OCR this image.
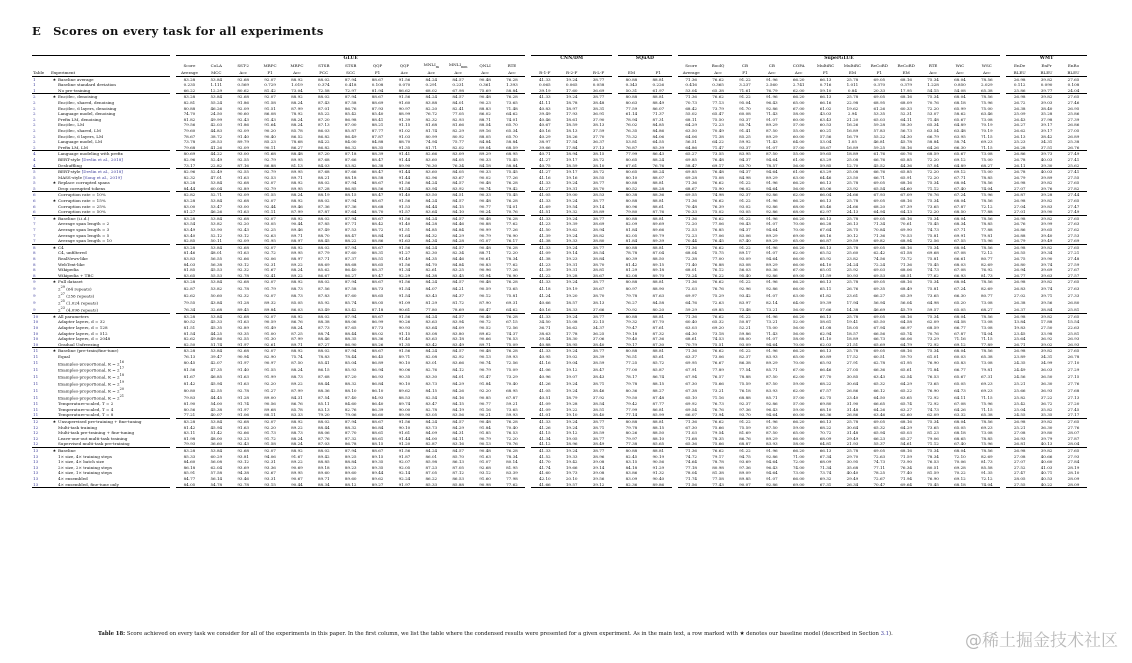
E Scores on every task for all experiments
			GLUE														CNN/DM				SQuAD			SuperGLUE													WMT		
			Score	CoLA	SST-2	MRPC	MRPC	STSB	STSB	QQP	QQP	$MNLI_m$	$MNLI_{mm}$	QNLI	RTE									Score	BoolQ	CB	CB	COPA	MultiRC	MultiRC	ReCoRD	ReCoRD	RTE	WiC	WSC		EnDe	EnFr	EnRo
Table	Experiment		Average	MCC	Acc	F1	Acc	PCC	SCC	F1	Acc	Acc	Acc	Acc	Acc		R-1-F	R-2-F	R-L-F		EM	F1		Average	Acc	F1	Acc	Acc	F1	EM	F1	EM	Acc	Acc	Acc		BLEU	BLEU	BLEU
1	★ Baseline average		83.28	53.84	92.68	92.07	88.92	88.02	87.94	88.67	91.56	84.24	84.57	90.48	76.28		41.33	19.24	38.77		80.88	88.81		71.36	76.62	91.22	91.96	66.20	66.13	25.78	69.05	68.16	75.34	68.04	78.56		26.98	39.82	27.65
1	Baseline standard deviation		0.235	1.111	0.569	0.729	1.019	0.374	0.418	0.108	0.070	0.291	0.231	0.361	1.393		0.065	0.065	0.058		0.343	0.226		0.416	0.365	3.237	2.560	2.741	0.716	1.011	0.370	0.379	1.228	0.850	2.029		0.112	0.090	0.108
1	No pre-training		66.22	12.29	80.62	81.42	73.04	72.58	72.97	81.94	86.62	68.02	67.98	75.69	58.84		39.19	17.60	36.69		50.31	61.97		53.04	65.38	71.61	76.79	62.00	59.10	0.84	20.33	17.95	54.15	54.08	65.38		25.86	39.77	24.04
2	★ Enc/dec, denoising		83.28	53.84	92.68	92.07	88.92	88.02	87.94	88.67	91.56	84.24	84.57	90.48	76.28		41.33	19.24	38.77		80.88	88.81		71.36	76.62	91.22	91.96	66.20	66.13	25.78	69.05	68.16	75.34	68.04	78.56		26.98	39.82	27.65
2	Enc/dec, shared, denoising		82.81	55.24	91.86	91.58	88.24	87.43	87.58	88.69	91.60	83.88	84.01	90.23	73.65		41.11	18.78	38.48		80.63	88.49		70.73	77.13	95.04	96.43	65.00	66.16	22.98	68.95	68.09	70.76	68.18	75.96		26.72	39.03	27.46
2	Enc/dec, 6 layers, denoising		80.88	46.26	92.09	91.51	87.99	87.01	86.76	87.93	90.97	82.20	82.41	88.83	71.48		40.83	18.97	38.31		77.59	86.07		68.42	73.79	91.70	92.86	67.00	61.02	19.62	61.26	60.33	72.20	65.99	75.00		26.38	38.40	26.95
2	Language model, denoising		74.70	24.50	90.60	86.08	78.92	85.22	85.42	85.40	88.99	76.72	77.05	86.02	64.62		39.49	17.93	36.91		61.14	71.37		55.02	65.47	60.08	71.43	58.00	43.03	2.94	53.35	52.31	53.07	58.62	63.46		25.09	35.28	25.86
2	Prefix LM, denoising		81.82	49.99	92.43	91.43	88.24	87.20	86.98	88.41	91.39	82.32	82.93	88.71	74.01		40.46	18.61	37.90		78.94	87.31		68.11	75.50	93.37	91.07	60.00	63.43	21.20	65.03	64.11	71.48	65.67	73.08		26.43	37.98	27.39
2	Enc/dec, LM		79.56	42.03	91.86	91.64	88.24	87.13	87.00	88.21	91.15	81.68	81.66	88.54	65.70		40.67	18.59	38.13		76.02	84.85		64.29	72.23	85.74	89.29	57.00	60.53	16.26	59.28	58.30	65.34	64.89	70.19		26.27	39.17	26.86
2	Enc/dec, shared, LM		79.60	44.83	92.09	90.20	85.78	86.03	85.87	87.77	91.02	81.74	82.29	89.16	65.34		40.16	18.13	37.59		76.35	84.86		63.50	70.49	91.41	87.50	55.00	60.21	16.89	57.83	56.73	63.54	63.48	70.19		26.62	39.17	27.05
2	Enc/dec, 6 layers, LM		78.67	38.72	91.40	90.40	86.52	86.82	86.49	87.87	91.03	80.99	80.92	88.05	65.70		40.29	18.26	37.70		75.32	84.06		64.06	71.38	85.25	89.29	60.00	57.56	16.79	55.22	54.30	66.79	63.95	71.15		26.13	38.42	26.89
2	Language model, LM		73.78	28.53	89.79	85.23	78.68	84.22	84.00	84.88	88.70	74.94	75.77	84.84	58.84		38.97	17.54	36.37		53.81	64.55		56.51	64.22	59.92	71.43	64.00	53.04	1.05	46.81	45.78	58.84	58.74	69.23		25.23	34.31	25.38
2	Prefix LM, LM		79.68	41.26	92.09	90.11	86.27	86.82	86.32	88.35	91.35	81.71	82.02	89.04	68.59		39.66	17.84	37.13		76.87	85.39		64.86	71.47	93.37	91.07	57.00	58.67	16.89	59.25	58.16	64.26	66.30	71.15		26.28	37.51	26.76
4	Language modeling with prefix		80.69	44.22	93.00	91.68	88.48	87.20	87.18	88.39	91.41	82.66	83.09	89.29	68.95		40.71	18.94	38.15		77.99	86.43		65.27	73.55	83.95	87.50	55.00	59.65	18.89	61.76	60.76	68.59	65.67	73.08		26.86	39.73	27.49
4	BERT-style [Devlin et al., 2018]		82.96	52.49	92.55	92.79	89.95	87.68	87.66	88.47	91.44	83.60	84.05	90.33	75.45		41.27	19.17	38.72		80.65	88.24		69.85	76.48	94.37	94.64	61.00	63.29	25.08	66.76	65.85	72.20	69.12	75.00		26.78	40.03	27.41
4	Deshuffling		73.17	22.82	87.16	86.88	81.13	84.03	83.82	86.38	89.90	76.30	76.34	84.18	58.84		40.75	18.59	38.10		67.61	76.76		58.47	69.17	63.70	78.57	56.00	59.85	12.70	45.52	44.36	57.04	64.89	68.27		26.11	39.30	25.62
5	BERT-style [Devlin et al., 2018]		82.96	52.49	92.55	92.79	89.95	87.68	87.66	88.47	91.44	83.60	84.05	90.33	75.45		41.27	19.17	38.72		80.65	88.24		69.85	76.48	94.37	94.64	61.00	63.29	25.08	66.76	65.85	72.20	69.12	75.00		26.78	40.03	27.41
5	MASS-style [Song et al., 2019]		82.32	47.01	91.63	92.53	89.71	88.21	88.18	88.58	91.44	82.96	83.67	90.02	77.26		41.16	19.16	38.55		80.10	88.07		69.28	75.08	84.98	89.29	63.00	64.46	23.50	66.71	65.91	72.20	67.71	78.85		26.79	39.89	27.55
5	★ Replace corrupted spans		83.28	53.84	92.68	92.07	88.92	88.02	87.94	88.67	91.56	84.24	84.57	90.48	76.28		41.33	19.24	38.77		80.88	88.81		71.36	76.62	91.22	91.96	66.20	66.13	25.78	69.05	68.16	75.34	68.04	78.56		26.98	39.82	27.65
5	Drop corrupted tokens		84.44	60.04	92.89	92.79	89.95	87.28	86.85	88.56	91.54	83.94	83.92	90.74	79.42		41.27	19.31	38.70		80.52	88.28		68.67	75.90	96.02	94.64	56.00	65.06	23.92	65.54	64.60	71.12	67.40	74.04		27.07	39.76	27.82
6	Corruption rate = 10%		82.82	52.71	92.09	91.55	88.24	88.19	88.15	88.47	91.40	83.50	84.51	90.33	75.45		41.05	19.00	38.53		80.38	88.36		69.55	74.98	92.37	92.86	62.00	66.04	24.66	67.93	67.09	70.76	67.24	75.96		26.87	39.28	27.44
6	★ Corruption rate = 15%		83.28	53.84	92.68	92.07	88.92	88.02	87.94	88.67	91.56	84.24	84.57	90.48	76.28		41.33	19.24	38.77		80.88	88.81		71.36	76.62	91.22	91.96	66.20	66.13	25.78	69.05	68.16	75.34	68.04	78.56		26.98	39.82	27.65
6	Corruption rate = 25%		83.00	53.47	93.00	92.44	89.46	87.36	87.36	88.68	91.53	84.44	84.15	90.77	74.01		41.69	19.54	39.14		80.96	88.61		70.48	76.39	93.02	92.86	68.00	65.46	24.66	68.20	67.39	73.65	67.87	72.12		27.04	39.83	27.47
6	Corruption rate = 50%		81.27	46.26	91.63	91.11	87.99	87.87	87.64	88.70	91.57	83.64	84.10	90.24	70.76		41.51	19.32	38.89		79.80	87.76		70.33	75.02	93.05	92.86	68.00	62.97	24.13	64.94	64.13	72.20	68.50	77.88		27.01	39.90	27.49
7	★ Baseline (i.i.d.)		83.28	53.84	92.68	92.07	88.92	88.02	87.94	88.67	91.56	84.24	84.57	90.48	76.28		41.33	19.24	38.77		80.88	88.81		71.36	76.62	91.22	91.96	66.20	66.13	25.78	69.05	68.16	75.34	68.04	78.56		26.98	39.82	27.65
7	Average span length = 2		83.54	53.82	92.20	93.05	90.44	87.85	87.71	88.42	91.40	84.28	84.46	90.88	77.62		41.23	19.39	38.69		82.09	89.69		72.20	77.06	90.43	91.07	70.00	66.28	26.13	71.34	70.61	75.45	68.34	78.85		26.76	39.99	27.63
7	Average span length = 3		83.49	53.90	92.43	92.25	89.46	87.49	87.53	88.72	91.51	84.85	84.84	90.99	77.26		41.50	19.62	38.94		81.84	89.66		72.53	76.85	94.37	94.64	70.00	67.64	28.75	70.84	69.90	74.73	67.71	77.88		26.86	39.65	27.62
7	Average span length = 5		83.40	52.12	93.12	92.63	89.71	88.70	88.47	88.84	91.64	84.32	84.29	90.79	76.90		41.39	19.24	38.82		82.05	89.79		72.23	77.06	83.06	89.29	69.00	68.16	30.12	71.36	70.53	75.81	69.91	79.81		26.88	39.40	27.53
7	Average span length = 10		82.85	50.11	92.09	91.95	88.97	88.45	88.22	88.86	91.63	84.34	84.28	91.07	76.17		41.38	19.33	38.80		81.84	89.39		70.44	76.45	87.40	89.29	65.00	66.87	29.59	69.82	68.94	72.56	67.55	75.96		26.79	39.49	27.69
8	★ C4		83.28	53.84	92.68	92.07	88.92	88.02	87.94	88.67	91.56	84.24	84.57	90.48	76.28		41.33	19.24	38.77		80.88	88.81		71.36	76.62	91.22	91.96	66.20	66.13	25.78	69.05	68.16	75.34	68.04	78.56		26.98	39.82	27.65
8	C4, unfiltered		81.46	48.01	91.63	92.72	89.95	87.79	87.60	88.31	91.27	82.30	82.34	88.71	72.20		41.09	19.14	38.54		78.78	87.04		68.04	75.75	89.17	91.07	62.00	65.52	25.60	62.42	61.58	69.68	67.08	72.12		26.55	39.34	27.21
8	RealNews-like		83.83	56.55	92.66	92.06	88.97	87.71	87.37	88.51	91.49	84.35	84.46	90.61	78.34		41.38	19.23	38.84		80.39	88.50		72.38	77.00	93.09	94.64	66.00	65.92	23.82	74.56	73.72	75.81	66.61	80.77		26.75	39.90	27.48
8	WebText-like		84.03	56.38	93.12	92.31	89.22	88.69	88.68	88.65	91.56	84.70	84.84	90.83	77.62		41.23	19.31	38.70		81.42	89.15		71.40	76.88	83.08	89.29	66.00	64.10	24.24	72.24	71.36	75.45	68.03	82.69		26.80	39.74	27.59
8	Wikipedia		81.85	45.53	92.32	91.67	88.24	85.62	86.40	88.37	91.34	82.61	83.25	90.96	77.26		41.39	19.31	38.81		81.29	89.18		68.01	76.12	56.03	80.36	67.00	65.01	25.92	69.03	68.06	74.73	67.08	76.92		26.94	39.69	27.67
8	Wikipedia + TBC		83.65	55.53	92.78	92.41	89.22	86.67	86.27	89.47	92.29	84.38	83.45	91.94	76.90		41.22	19.28	38.67		82.08	89.70		73.24	76.22	95.40	92.86	69.00	51.59	50.93	69.53	68.51	77.62	66.93	81.73		26.77	39.63	27.57
9	★ Full dataset		83.28	53.84	92.68	92.07	88.92	88.02	87.94	88.67	91.56	84.24	84.57	90.48	76.28		41.33	19.24	38.77		80.88	88.81		71.36	76.62	91.22	91.96	66.20	66.13	25.78	69.05	68.16	75.34	68.04	78.56		26.98	39.82	27.65
9	$2^{29}$ (64 repeats)		82.87	53.82	92.78	91.79	88.73	87.56	87.58	88.73	91.54	84.07	84.21	90.59	73.65		41.18	19.19	38.67		80.97	88.90		72.03	76.76	92.96	92.86	66.00	65.11	26.76	69.35	68.49	75.81	67.24	82.69		26.83	39.74	27.63
9	$2^{27}$ (256 repeats)		82.62	50.60	92.32	92.07	88.73	87.83	87.60	88.65	91.54	83.43	84.37	90.12	75.81		41.24	19.20	38.70		79.78	87.63		69.97	75.29	93.42	91.07	63.00	61.82	23.61	66.27	65.39	73.65	66.30	80.77		27.02	39.71	27.33
9	$2^{25}$ (1,024 repeats)		79.55	43.84	91.28	89.32	85.05	85.92	85.74	88.05	91.09	81.29	81.72	87.90	69.31		40.66	18.57	38.13		76.27	84.58		64.76	72.63	83.97	82.14	64.00	59.39	17.94	56.94	56.04	64.98	65.20	73.08		26.38	39.56	26.80
9	$2^{23}$ (4,096 repeats)		76.34	32.68	89.45	89.84	86.03	83.49	83.42	87.18	90.61	77.80	78.69	80.47	64.62		40.16	18.33	37.66		70.92	80.20		59.29	69.85	73.48	73.21	56.00	57.66	14.38	46.69	45.79	59.57	65.05	68.27		26.37	38.84	25.81
10	★ All parameters		83.28	53.84	92.68	92.07	88.92	88.02	87.94	88.67	91.56	84.24	84.57	90.48	76.28		41.33	19.24	38.77		80.88	88.81		71.36	76.62	91.22	91.96	66.20	66.13	25.78	69.05	68.16	75.34	68.04	78.56		26.98	39.82	27.65
10	Adapter layers, d = 32		80.52	45.33	91.63	90.59	86.76	88.38	88.06	86.99	90.26	83.63	83.94	90.72	67.15		34.50	15.08	32.15		79.32	87.70		60.40	65.32	50.87	73.21	52.00	58.61	19.41	65.50	64.58	62.09	64.58	73.08		13.84	17.88	15.54
10	Adapter layers, d = 128		81.51	45.35	92.89	91.49	88.24	87.73	87.65	87.73	90.93	83.64	84.09	90.52	72.56		36.71	16.62	34.37		79.47	87.61		63.03	69.20	52.21	75.00	56.00	61.08	18.05	67.94	66.97	68.59	66.77	73.08		19.83	27.50	22.63
10	Adapter layers, d = 512		81.54	44.25	93.35	91.00	87.25	88.74	88.44	88.02	91.15	83.08	83.80	89.62	74.37		38.63	17.78	36.25		79.18	87.32		64.30	73.18	59.86	71.43	56.00	62.94	18.57	66.56	65.74	70.76	67.87	74.04		23.45	33.98	25.81
10	Adapter layers, d = 2048		82.62	49.86	92.55	91.30	87.99	88.46	88.35	88.36	91.40	83.63	83.18	90.66	76.53		39.44	18.30	37.06		79.40	87.36		68.61	74.53	88.00	91.07	58.00	61.10	18.89	66.73	66.06	73.29	71.16	71.15		25.64	36.92	26.93
10	Gradual Unfreezing		82.50	51.74	91.97	92.61	89.71	87.27	86.90	88.26	91.35	83.42	83.49	89.71	75.09		40.88	18.95	38.40		79.17	87.30		70.79	75.51	93.09	94.64	70.00	62.03	21.51	65.69	64.79	72.92	69.12	77.89		26.71	39.02	26.93
11	★ Baseline (pre-train/fine-tune)		83.28	53.84	92.68	92.07	88.92	88.02	87.94	88.67	91.56	84.24	84.57	90.48	76.28		41.33	19.24	38.77		80.88	88.81		71.36	76.62	91.22	91.96	66.20	66.13	25.78	69.05	68.16	75.34	68.04	78.56		26.98	39.82	27.65
11	Equal		76.13	39.47	90.94	82.90	75.74	78.83	78.44	86.45	89.71	82.08	82.92	90.13	59.93		40.95	19.02	38.39		76.51	85.61		63.37	73.06	82.37	83.93	65.00	60.89	17.52	60.51	59.70	61.01	60.03	65.38		23.89	34.31	26.78
11	Examples-proportional, $K = 2^{16}$		80.45	42.07	91.97	90.97	87.50	85.41	85.04	86.89	90.10	83.01	83.66	90.74	72.56		41.16	19.04	38.59		77.25	85.72		69.95	76.67	86.38	89.29	70.00	65.93	27.91	62.78	61.95	76.90	65.83	73.08		24.35	34.99	27.10
11	Examples-proportional, $K = 2^{17}$		81.56	47.35	91.40	91.55	88.24	86.15	85.93	86.94	90.06	82.76	84.12	90.79	75.09		41.06	19.12	38.47		77.00	85.87		67.91	77.89	77.54	85.71	67.00	66.46	27.05	66.36	65.61	71.84	66.77	79.81		24.49	36.03	27.29
11	Examples-proportional, $K = 2^{18}$		81.67	46.85	91.63	91.99	88.73	87.68	87.20	86.93	90.35	83.30	84.01	91.47	73.29		40.96	19.07	38.43		78.17	86.74		67.94	76.57	78.88	87.50	62.00	67.70	30.85	63.43	62.54	76.53	65.67	67.31		24.56	36.50	27.15
11	Examples-proportional, $K = 2^{19}$		81.42	45.94	91.63	92.20	89.22	88.44	88.32	86.84	90.10	83.73	84.29	91.84	70.40		41.26	19.24	38.71		79.78	88.15		67.30	75.66	75.59	87.50	59.00	68.22	30.64	65.32	64.29	73.65	65.05	69.23		25.21	36.30	27.76
11	Examples-proportional, $K = 2^{20}$		80.80	42.55	92.78	91.27	87.99	88.36	88.10	86.10	89.62	84.15	84.26	92.20	68.95		41.05	19.24	38.46		80.36	88.27		67.38	73.21	76.18	83.93	62.00	67.57	26.86	66.12	65.22	76.90	64.73	69.23		25.66	36.93	27.68
11	Examples-proportional, $K = 2^{21}$		79.83	44.45	91.28	89.00	84.31	87.54	87.40	84.93	88.53	82.54	84.16	90.85	67.87		40.51	18.79	37.92		79.50	87.48		65.10	71.16	68.88	85.71	57.00	62.75	23.40	64.50	63.65	72.92	64.11	71.15		25.82	37.22	27.13
11	Temperature-scaled, T = 2		81.90	54.00	91.74	90.56	86.76	85.11	84.60	86.40	89.74	83.47	84.15	90.77	59.21		41.09	19.28	38.54		79.42	87.77		69.92	76.73	92.37	92.86	57.00	69.80	31.90	66.65	65.74	72.92	67.08	75.96		25.42	36.72	27.20
11	Temperature-scaled, T = 4		80.56	45.38	91.97	89.68	85.78	83.13	82.76	86.39	90.00	82.78	84.19	91.16	73.65		41.09	19.22	38.51		77.99	86.81		69.54	76.76	97.36	96.43	59.00	68.10	31.48	64.26	63.27	74.73	64.26	71.15		25.04	35.82	27.45
11	Temperature-scaled, T = 8		77.21	40.07	91.06	88.11	83.33	79.20	79.06	86.60	89.90	83.05	83.56	90.21	59.93		41.01	19.10	38.40		77.14	85.99		66.07	73.94	93.70	94.64	60.00	66.36	26.86	63.46	62.60	62.09	63.32	65.38		24.55	35.35	27.17
12	★ Unsupervised pre-training + fine-tuning		83.28	53.84	92.68	92.07	88.92	88.02	87.94	88.67	91.56	84.24	84.57	90.48	76.28		41.33	19.24	38.77		80.88	88.81		71.36	76.62	91.22	91.96	66.20	66.13	25.78	69.05	68.16	75.34	68.04	78.56		26.98	39.82	27.65
12	Multi-task training		81.42	45.94	91.63	92.20	89.22	88.44	88.32	86.84	90.10	83.73	84.29	91.84	70.40		41.26	19.24	38.71		79.78	88.15		67.30	75.66	75.59	87.50	59.00	68.22	30.64	65.32	64.29	73.65	65.05	69.23		25.21	36.30	27.76
12	Multi-task pre-training + fine-tuning		83.11	51.42	92.66	91.73	88.73	88.06	87.70	88.61	91.61	84.09	84.31	91.85	76.53		41.15	19.12	38.59		80.26	88.50		71.03	79.54	81.69	87.50	65.00	70.72	31.48	65.94	65.03	81.23	68.18	73.08		27.08	39.80	28.07
12	Leave-one-out multi-task training		81.98	48.00	93.23	91.72	88.24	87.76	87.32	88.61	91.44	84.00	84.11	90.79	72.20		41.34	19.05	38.77		79.97	88.10		71.68	78.35	86.76	89.29	66.00	68.09	29.49	66.23	65.27	79.06	68.65	78.85		26.93	39.79	27.87
12	Supervised multi-task pre-training		79.93	36.60	92.43	91.58	88.24	87.03	86.78	88.15	91.20	82.87	83.16	90.13	70.76		41.12	18.96	38.49		77.38	85.65		65.36	75.66	68.87	83.93	58.00	64.81	21.93	55.37	54.61	71.12	67.40	75.96		26.81	40.13	28.04
13	★ Baseline		83.28	53.84	92.68	92.07	88.92	88.02	87.94	88.67	91.56	84.24	84.57	90.48	76.28		41.33	19.24	38.77		80.88	88.81		71.36	76.62	91.22	91.96	66.20	66.13	25.78	69.05	68.16	75.34	68.04	78.56		26.98	39.82	27.65
13	1× size, 4× training steps		85.33	60.29	93.81	94.06	91.67	89.42	89.25	89.15	91.87	86.01	85.70	91.63	78.34		41.52	19.33	38.96		82.45	90.19		74.72	79.17	94.75	92.86	71.00	67.34	29.70	72.63	71.59	78.34	72.10	82.69		27.08	40.66	27.93
13	1× size, 4× batch size		84.60	56.08	93.12	92.31	89.22	88.85	88.84	89.35	92.07	85.98	86.13	91.07	80.14		41.70	19.42	39.08		83.15	90.56		74.64	78.78	93.69	94.64	72.00	68.09	30.95	74.73	73.90	76.53	70.06	81.73		27.07	40.60	27.84
13	2× size, 2× training steps		86.18	62.04	93.69	93.36	90.69	89.18	89.23	89.35	92.05	87.23	87.05	92.68	81.95		41.74	19.66	39.14		84.18	91.29		77.18	80.98	97.36	96.43	74.00	71.34	35.68	77.11	76.34	80.51	69.28	85.58		27.52	41.03	28.19
13	4× size, 1× training steps		85.91	57.58	94.38	92.67	89.95	89.60	89.60	89.44	92.14	87.05	87.12	93.12	83.39		41.60	19.73	39.08		83.86	91.32		78.04	81.38	89.09	94.64	73.00	73.74	40.40	78.25	77.40	81.59	70.22	91.35		27.47	40.71	28.10
13	4× ensembled		84.77	56.14	93.46	93.31	90.67	89.71	89.60	89.62	92.24	86.22	86.53	91.60	77.98		42.10	20.10	39.56		83.09	90.40		71.74	77.58	89.85	91.07	66.00	69.32	29.49	72.67	71.94	76.90	69.12	72.12		28.05	40.53	28.09
13	4× ensembled, fine-tune only		84.05	54.78	92.78	93.15	90.44	88.34	88.12	89.27	91.97	85.33	85.88	90.98	77.62		41.66	19.57	39.12		82.36	89.86		71.56	77.43	90.07	92.86	69.00	67.31	26.34	70.47	69.64	75.45	68.18	74.04		27.55	40.22	28.09
Table 18: Score achieved on every task we consider for all of the experiments in this paper. In the first column, we list the table where the condensed results were presented for a given experiment. As in the main text, a row marked with ★ denotes our baseline model (described in Section 3.1).	@稀土掘金技术社区
